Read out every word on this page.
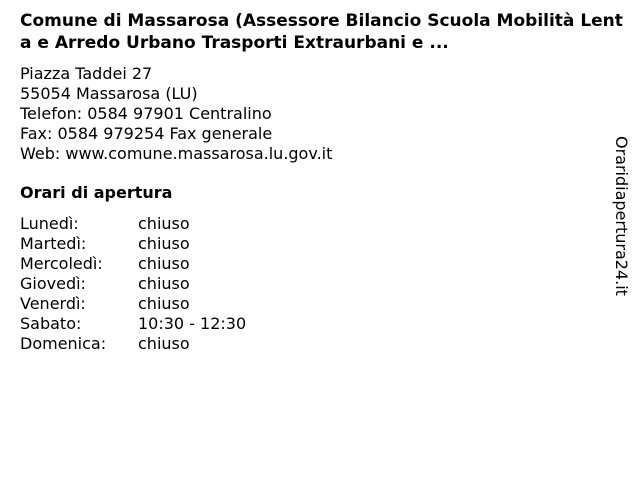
Comune di Massarosa (Assessore Bilancio Scuola Mobilità Lenta e Arredo Urbano Trasporti Extraurbani e ...
Piazza Taddei 27
55054 Massarosa (LU)
Telefon: 0584 97901 Centralino
Fax: 0584 979254 Fax generale
Web: www.comune.massarosa.lu.gov.it
Orari di apertura
Lunedì:	chiuso
Martedì:	chiuso
Mercoledì:	chiuso
Giovedì:	chiuso
Venerdì:	chiuso
Sabato:	10:30 - 12:30
Domenica:	chiuso
Oraridiapertura24.it
